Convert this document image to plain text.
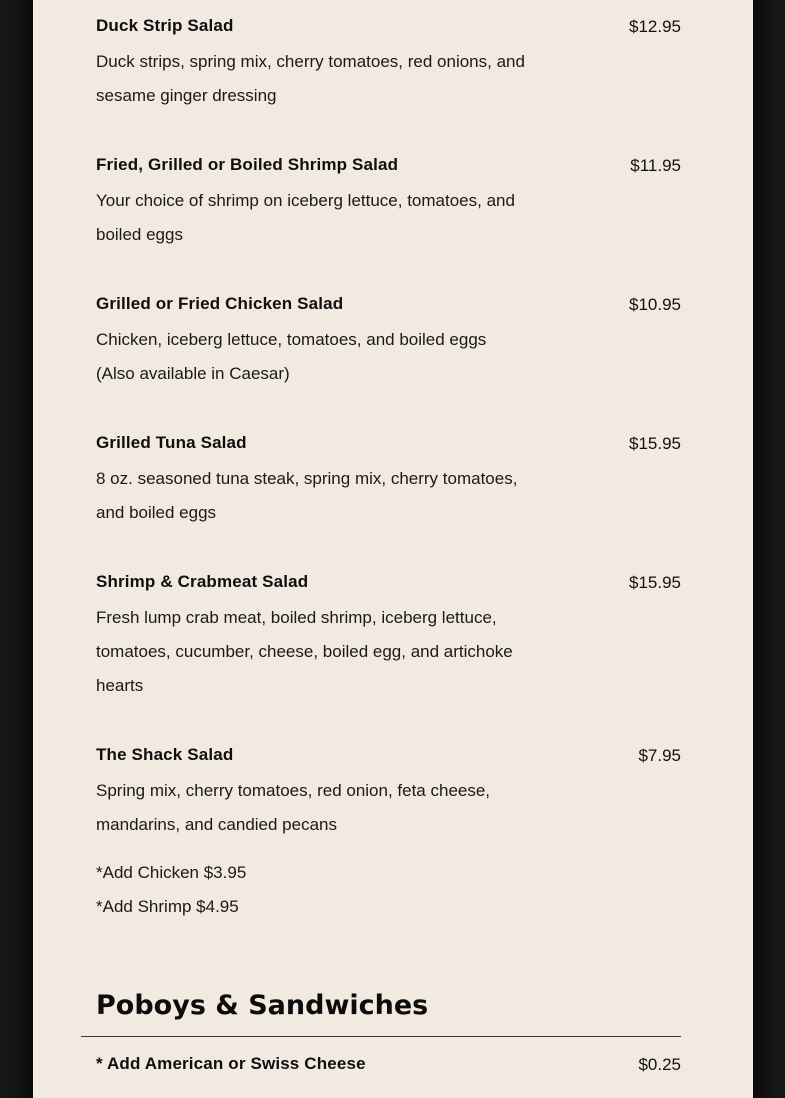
Duck Strip Salad	$12.95
Duck strips, spring mix, cherry tomatoes, red onions, and
sesame ginger dressing
Fried, Grilled or Boiled Shrimp Salad	$11.95
Your choice of shrimp on iceberg lettuce, tomatoes, and
boiled eggs
Grilled or Fried Chicken Salad	$10.95
Chicken, iceberg lettuce, tomatoes, and boiled eggs
(Also available in Caesar)
Grilled Tuna Salad	$15.95
8 oz. seasoned tuna steak, spring mix, cherry tomatoes,
and boiled eggs
Shrimp & Crabmeat Salad	$15.95
Fresh lump crab meat, boiled shrimp, iceberg lettuce,
tomatoes, cucumber, cheese, boiled egg, and artichoke
hearts
The Shack Salad	$7.95
Spring mix, cherry tomatoes, red onion, feta cheese,
mandarins, and candied pecans
*Add Chicken $3.95
*Add Shrimp $4.95
Poboys & Sandwiches
* Add American or Swiss Cheese	$0.25
